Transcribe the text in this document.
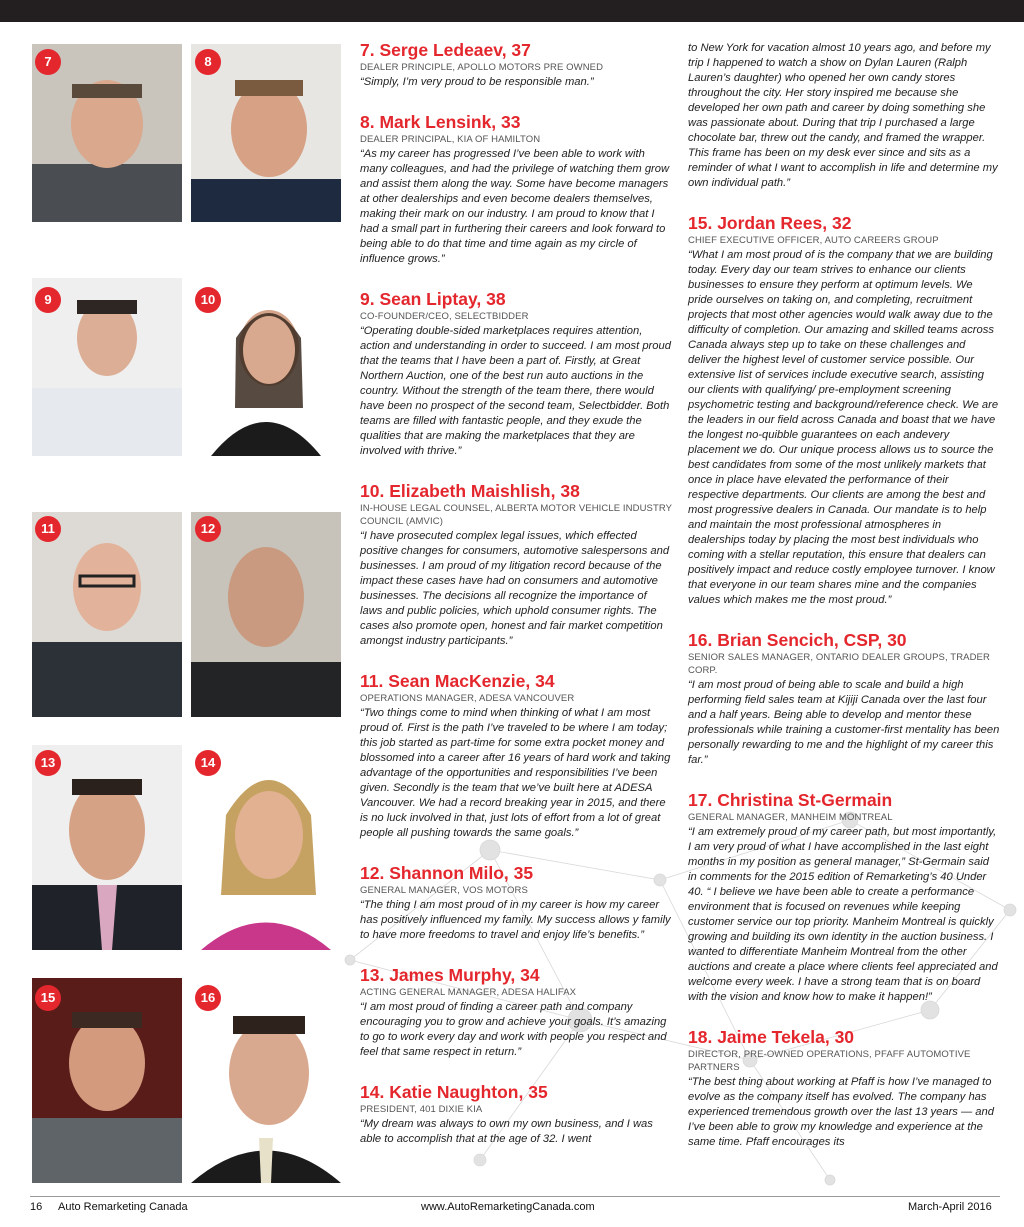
7	8
9	10
11	12
13	14
15	16
7. Serge Ledeaev, 37
DEALER PRINCIPLE, APOLLO MOTORS PRE OWNED
“Simply, I’m very proud to be responsible man.”
8. Mark Lensink, 33
DEALER PRINCIPAL, KIA OF HAMILTON
“As my career has progressed I’ve been able to work with many colleagues, and had the privilege of watching them grow and assist them along the way. Some have become managers at other dealerships and even become dealers themselves, making their mark on our industry. I am proud to know that I had a small part in furthering their careers and look forward to being able to do that time and time again as my circle of influence grows.”
9. Sean Liptay, 38
CO-FOUNDER/CEO, SELECTBIDDER
“Operating double-sided marketplaces requires attention, action and understanding in order to succeed. I am most proud that the teams that I have been a part of. Firstly, at Great Northern Auction, one of the best run auto auctions in the country. Without the strength of the team there, there would have been no prospect of the second team, Selectbidder. Both teams are filled with fantastic people, and they exude the qualities that are making the marketplaces that they are involved with thrive.”
10. Elizabeth Maishlish, 38
IN-HOUSE LEGAL COUNSEL, ALBERTA MOTOR VEHICLE INDUSTRY COUNCIL (AMVIC)
“I have prosecuted complex legal issues, which effected positive changes for consumers, automotive salespersons and businesses. I am proud of my litigation record because of the impact these cases have had on consumers and automotive businesses. The decisions all recognize the importance of laws and public policies, which uphold consumer rights. The cases also promote open, honest and fair market competition amongst industry participants.”
11. Sean MacKenzie, 34
OPERATIONS MANAGER, ADESA VANCOUVER
“Two things come to mind when thinking of what I am most proud of. First is the path I’ve traveled to be where I am today; this job started as part-time for some extra pocket money and blossomed into a career after 16 years of hard work and taking advantage of the opportunities and responsibilities I’ve been given. Secondly is the team that we’ve built here at ADESA Vancouver. We had a record breaking year in 2015, and there is no luck involved in that, just lots of effort from a lot of great people all pushing towards the same goals.”
12. Shannon Milo, 35
GENERAL MANAGER, VOS MOTORS
“The thing I am most proud of in my career is how my career has positively influenced my family. My success allows y family to have more freedoms to travel and enjoy life’s benefits.”
13. James Murphy, 34
ACTING GENERAL MANAGER, ADESA HALIFAX
“I am most proud of finding a career path and company encouraging you to grow and achieve your goals. It’s amazing to go to work every day and work with people you respect and feel that same respect in return.”
14. Katie Naughton, 35
PRESIDENT, 401 DIXIE KIA
“My dream was always to own my own business, and I was able to accomplish that at the age of 32. I went
to New York for vacation almost 10 years ago, and before my trip I happened to watch a show on Dylan Lauren (Ralph Lauren’s daughter) who opened her own candy stores throughout the city. Her story inspired me because she developed her own path and career by doing something she was passionate about. During that trip I purchased a large chocolate bar, threw out the candy, and framed the wrapper. This frame has been on my desk ever since and sits as a reminder of what I want to accomplish in life and determine my own individual path.”
15. Jordan Rees, 32
CHIEF EXECUTIVE OFFICER, AUTO CAREERS GROUP
“What I am most proud of is the company that we are building today. Every day our team strives to enhance our clients businesses to ensure they perform at optimum levels. We pride ourselves on taking on, and completing, recruitment projects that most other agencies would walk away due to the difficulty of completion. Our amazing and skilled teams across Canada always step up to take on these challenges and deliver the highest level of customer service possible. Our extensive list of services include executive search, assisting our clients with qualifying/ pre-employment screening psychometric testing and background/reference check. We are the leaders in our field across Canada and boast that we have the longest no-quibble guarantees on each andevery placement we do. Our unique process allows us to source the best candidates from some of the most unlikely markets that once in place have elevated the performance of their respective departments. Our clients are among the best and most progressive dealers in Canada. Our mandate is to help and maintain the most professional atmospheres in dealerships today by placing the most best individuals who coming with a stellar reputation, this ensure that dealers can positively impact and reduce costly employee turnover. I know that everyone in our team shares mine and the companies values which makes me the most proud.”
16. Brian Sencich, CSP, 30
SENIOR SALES MANAGER, ONTARIO DEALER GROUPS, TRADER CORP.
“I am most proud of being able to scale and build a high performing field sales team at Kijiji Canada over the last four and a half years. Being able to develop and mentor these professionals while training a customer-first mentality has been personally rewarding to me and the highlight of my career this far.”
17. Christina St-Germain
GENERAL MANAGER, MANHEIM MONTREAL
“I am extremely proud of my career path, but most importantly, I am very proud of what I have accomplished in the last eight months in my position as general manager,” St-Germain said in comments for the 2015 edition of Remarketing’s 40 Under 40. “ I believe we have been able to create a performance environment that is focused on revenues while keeping customer service our top priority. Manheim Montreal is quickly growing and building its own identity in the auction business. I wanted to differentiate Manheim Montreal from the other auctions and create a place where clients feel appreciated and welcome every week. I have a strong team that is on board with the vision and know how to make it happen!”
18. Jaime Tekela, 30
DIRECTOR, PRE-OWNED OPERATIONS, PFAFF AUTOMOTIVE PARTNERS
“The best thing about working at Pfaff is how I’ve managed to evolve as the company itself has evolved. The company has experienced tremendous growth over the last 13 years — and I’ve been able to grow my knowledge and experience at the same time. Pfaff encourages its
16 Auto Remarketing Canada	www.AutoRemarketingCanada.com	March-April 2016
